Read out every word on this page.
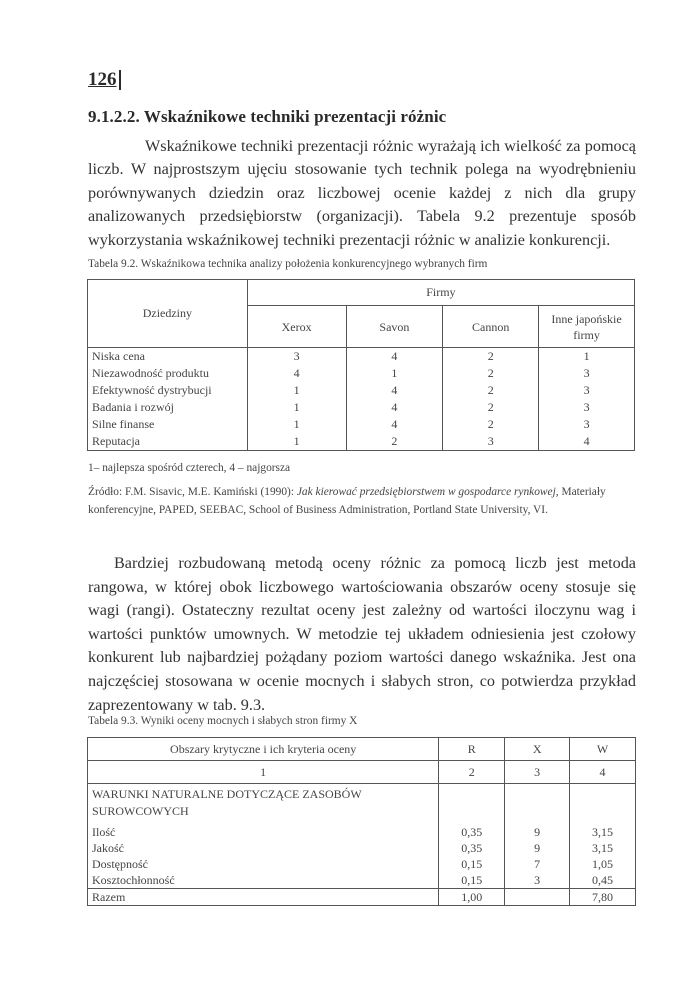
126
9.1.2.2. Wskaźnikowe techniki prezentacji różnic

Wskaźnikowe techniki prezentacji różnic wyrażają ich wielkość za pomocą liczb. W najprostszym ujęciu stosowanie tych technik polega na wyodrębnieniu porównywanych dziedzin oraz liczbowej ocenie każdej z nich dla grupy analizowanych przedsiębiorstw (organizacji). Tabela 9.2 prezentuje sposób wykorzystania wskaźnikowej techniki prezentacji różnic w analizie konkurencji.

Tabela 9.2. Wskaźnikowa technika analizy położenia konkurencyjnego wybranych firm
Dziedziny	Firmy			
	Xerox	Savon	Cannon	Inne japońskie firmy
Niska cena	3	4	2	1
Niezawodność produktu	4	1	2	3
Efektywność dystrybucji	1	4	2	3
Badania i rozwój	1	4	2	3
Silne finanse	1	4	2	3
Reputacja	1	2	3	4
1– najlepsza spośród czterech, 4 – najgorsza

Źródło: F.M. Sisavic, M.E. Kamiński (1990): Jak kierować przedsiębiorstwem w gospodarce rynkowej, Materiały konferencyjne, PAPED, SEEBAC, School of Business Administration, Portland State University, VI.

Bardziej rozbudowaną metodą oceny różnic za pomocą liczb jest metoda rangowa, w której obok liczbowego wartościowania obszarów oceny stosuje się wagi (rangi). Ostateczny rezultat oceny jest zależny od wartości iloczynu wag i wartości punktów umownych. W metodzie tej układem odniesienia jest czołowy konkurent lub najbardziej pożądany poziom wartości danego wskaźnika. Jest ona najczęściej stosowana w ocenie mocnych i słabych stron, co potwierdza przykład zaprezentowany w tab. 9.3.

Tabela 9.3. Wyniki oceny mocnych i słabych stron firmy X
Obszary krytyczne i ich kryteria oceny	R	X	W
1	2	3	4
WARUNKI NATURALNE DOTYCZĄCE ZASOBÓW SUROWCOWYCH			
Ilość	0,35	9	3,15
Jakość	0,35	9	3,15
Dostępność	0,15	7	1,05
Kosztochłonność	0,15	3	0,45
Razem	1,00		7,80
